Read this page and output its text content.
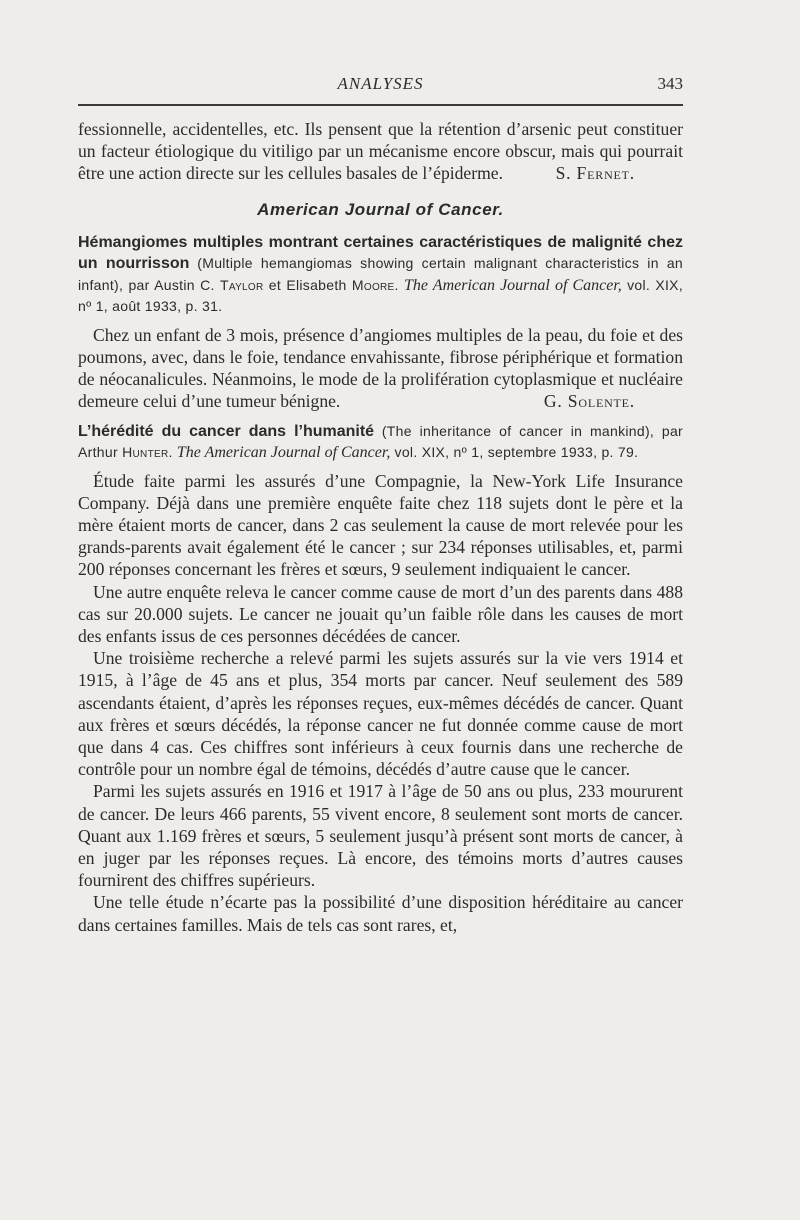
ANALYSES	343

fessionnelle, accidentelles, etc. Ils pensent que la rétention d’arsenic peut constituer un facteur étiologique du vitiligo par un mécanisme encore obscur, mais qui pourrait être une action directe sur les cellules basales de l’épiderme.	S. Fernet.

American Journal of Cancer.
Hémangiomes multiples montrant certaines caractéristiques de malignité chez un nourrisson (Multiple hemangiomas showing certain malignant characteristics in an infant), par Austin C. Taylor et Elisabeth Moore. The American Journal of Cancer, vol. XIX, nº 1, août 1933, p. 31.

Chez un enfant de 3 mois, présence d’angiomes multiples de la peau, du foie et des poumons, avec, dans le foie, tendance envahissante, fibrose périphérique et formation de néocanalicules. Néanmoins, le mode de la prolifération cytoplasmique et nucléaire demeure celui d’une tumeur bénigne.	G. Solente.

L’hérédité du cancer dans l’humanité (The inheritance of cancer in mankind), par Arthur Hunter. The American Journal of Cancer, vol. XIX, nº 1, septembre 1933, p. 79.

Étude faite parmi les assurés d’une Compagnie, la New-York Life Insurance Company. Déjà dans une première enquête faite chez 118 sujets dont le père et la mère étaient morts de cancer, dans 2 cas seulement la cause de mort relevée pour les grands-parents avait également été le cancer ; sur 234 réponses utilisables, et, parmi 200 réponses concernant les frères et sœurs, 9 seulement indiquaient le cancer.

Une autre enquête releva le cancer comme cause de mort d’un des parents dans 488 cas sur 20.000 sujets. Le cancer ne jouait qu’un faible rôle dans les causes de mort des enfants issus de ces personnes décédées de cancer.

Une troisième recherche a relevé parmi les sujets assurés sur la vie vers 1914 et 1915, à l’âge de 45 ans et plus, 354 morts par cancer. Neuf seulement des 589 ascendants étaient, d’après les réponses reçues, eux-mêmes décédés de cancer. Quant aux frères et sœurs décédés, la réponse cancer ne fut donnée comme cause de mort que dans 4 cas. Ces chiffres sont inférieurs à ceux fournis dans une recherche de contrôle pour un nombre égal de témoins, décédés d’autre cause que le cancer.

Parmi les sujets assurés en 1916 et 1917 à l’âge de 50 ans ou plus, 233 moururent de cancer. De leurs 466 parents, 55 vivent encore, 8 seulement sont morts de cancer. Quant aux 1.169 frères et sœurs, 5 seulement jusqu’à présent sont morts de cancer, à en juger par les réponses reçues. Là encore, des témoins morts d’autres causes fournirent des chiffres supérieurs.

Une telle étude n’écarte pas la possibilité d’une disposition héréditaire au cancer dans certaines familles. Mais de tels cas sont rares, et,
